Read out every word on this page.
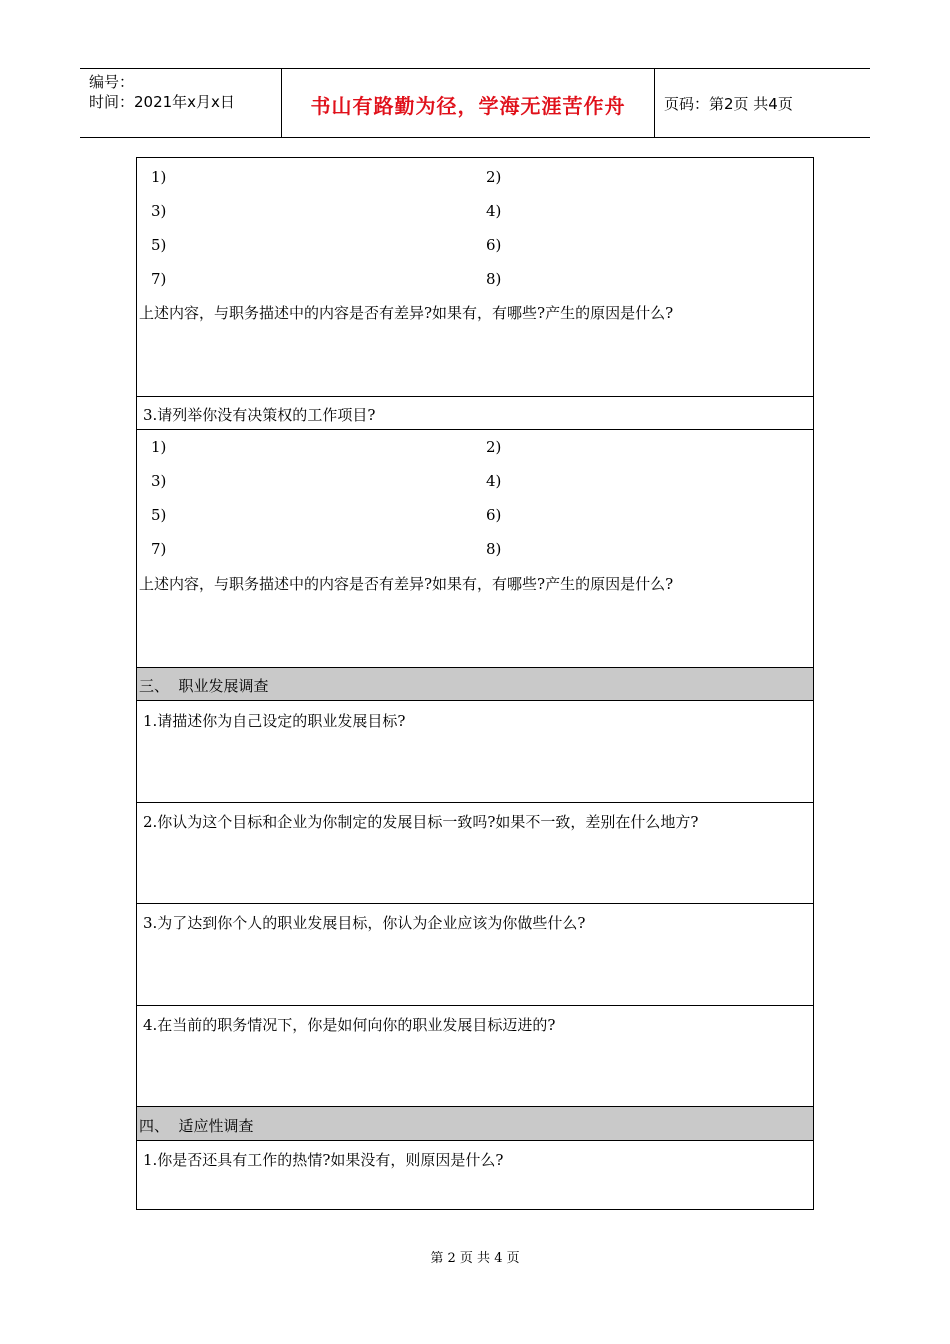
编号：
时间：2021年x月x日	书山有路勤为径，学海无涯苦作舟	页码：第2页 共4页
1)	2)
3)	4)
5)	6)
7)	8)
上述内容，与职务描述中的内容是否有差异?如果有，有哪些?产生的原因是什么?
3.请列举你没有决策权的工作项目?
1)	2)
3)	4)
5)	6)
7)	8)
上述内容，与职务描述中的内容是否有差异?如果有，有哪些?产生的原因是什么?
三、  职业发展调查
1.请描述你为自己设定的职业发展目标?
2.你认为这个目标和企业为你制定的发展目标一致吗?如果不一致，差别在什么地方?
3.为了达到你个人的职业发展目标，你认为企业应该为你做些什么?
4.在当前的职务情况下，你是如何向你的职业发展目标迈进的?
四、  适应性调查
1.你是否还具有工作的热情?如果没有，则原因是什么?
第 2 页 共 4 页
